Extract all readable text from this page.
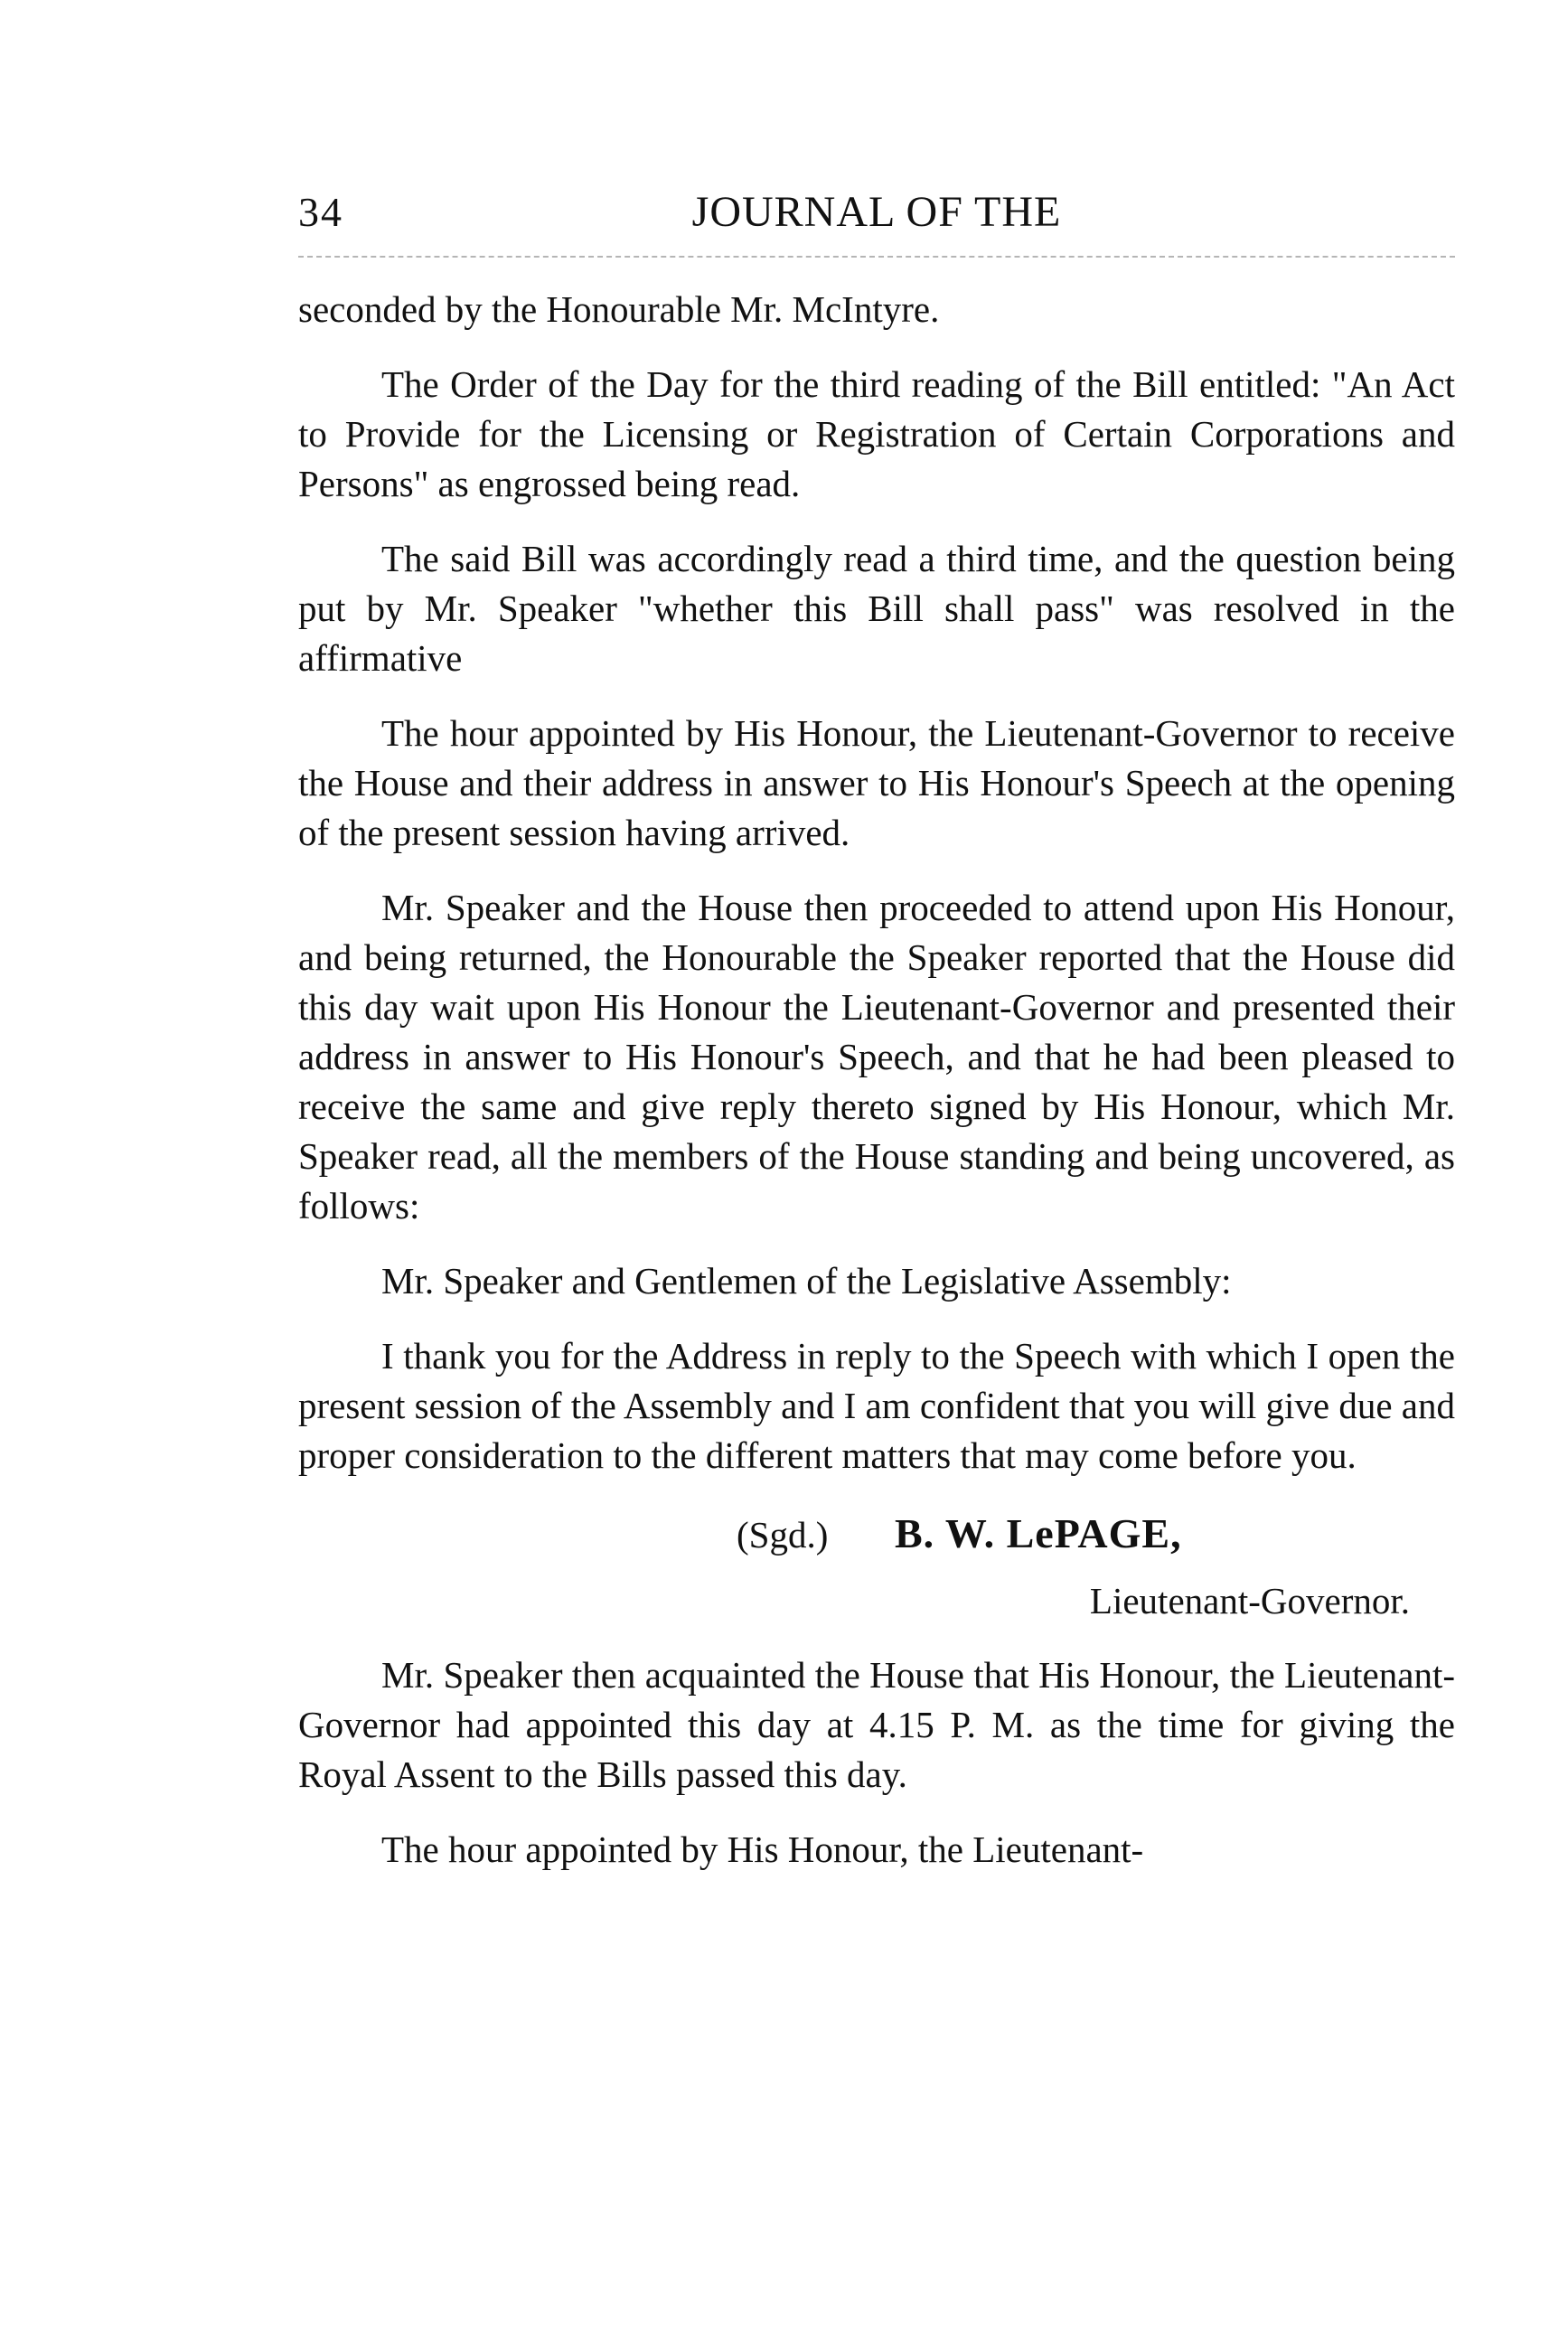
34	JOURNAL OF THE

seconded by the Honourable Mr. McIntyre.

The Order of the Day for the third reading of the Bill entitled: "An Act to Provide for the Licensing or Registration of Certain Corporations and Persons" as engrossed being read.

The said Bill was accordingly read a third time, and the question being put by Mr. Speaker "whether this Bill shall pass" was resolved in the affirmative

The hour appointed by His Honour, the Lieutenant-Governor to receive the House and their address in answer to His Honour's Speech at the opening of the present session having arrived.

Mr. Speaker and the House then proceeded to attend upon His Honour, and being returned, the Honourable the Speaker reported that the House did this day wait upon His Honour the Lieutenant-Governor and presented their address in answer to His Honour's Speech, and that he had been pleased to receive the same and give reply thereto signed by His Honour, which Mr. Speaker read, all the members of the House standing and being uncovered, as follows:

Mr. Speaker and Gentlemen of the Legislative Assembly:

I thank you for the Address in reply to the Speech with which I open the present session of the Assembly and I am confident that you will give due and proper consideration to the different matters that may come before you.

(Sgd.) B. W. LePAGE,
Lieutenant-Governor.

Mr. Speaker then acquainted the House that His Honour, the Lieutenant-Governor had appointed this day at 4.15 P. M. as the time for giving the Royal Assent to the Bills passed this day.

The hour appointed by His Honour, the Lieutenant-
